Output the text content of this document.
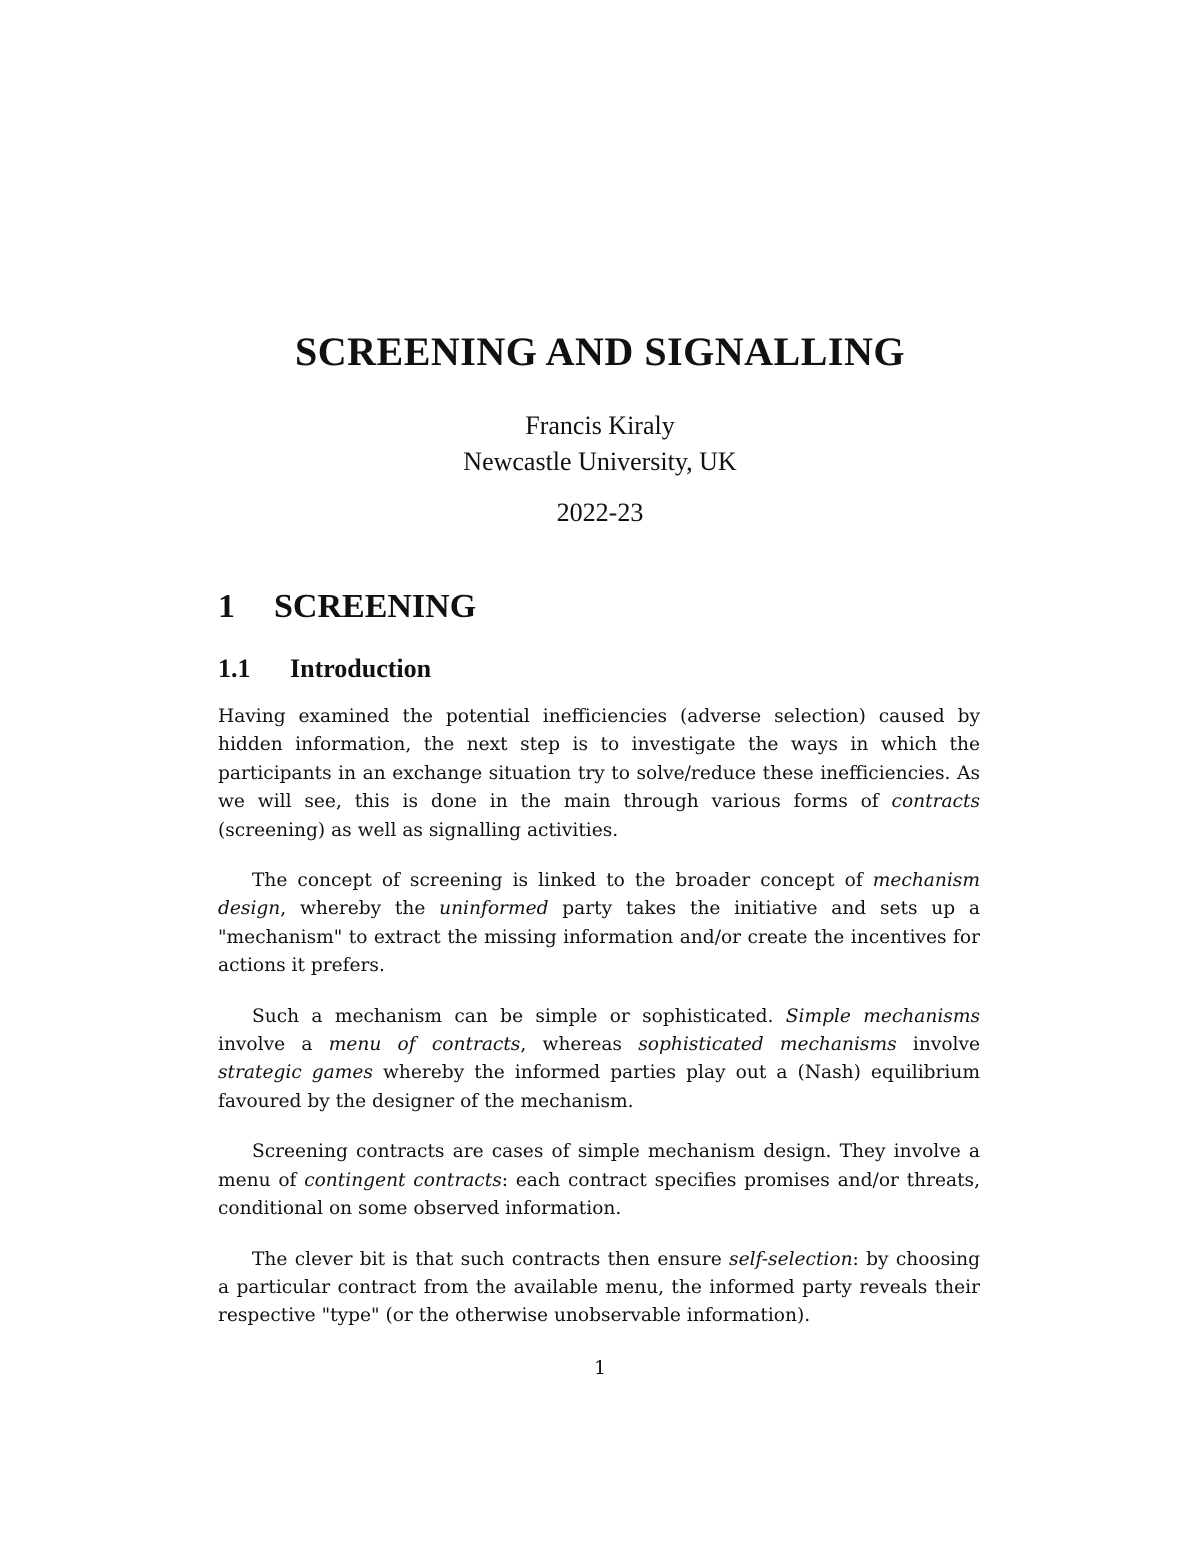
SCREENING AND SIGNALLING
Francis Kiraly
Newcastle University, UK
2022-23
1 SCREENING
1.1 Introduction

Having examined the potential inefficiencies (adverse selection) caused by hidden information, the next step is to investigate the ways in which the participants in an exchange situation try to solve/reduce these inefficiencies. As we will see, this is done in the main through various forms of contracts (screening) as well as signalling activities.

The concept of screening is linked to the broader concept of mechanism design, whereby the uninformed party takes the initiative and sets up a "mechanism" to extract the missing information and/or create the incentives for actions it prefers.

Such a mechanism can be simple or sophisticated. Simple mechanisms involve a menu of contracts, whereas sophisticated mechanisms involve strategic games whereby the informed parties play out a (Nash) equilibrium favoured by the designer of the mechanism.

Screening contracts are cases of simple mechanism design. They involve a menu of contingent contracts: each contract specifies promises and/or threats, conditional on some observed information.

The clever bit is that such contracts then ensure self-selection: by choosing a particular contract from the available menu, the informed party reveals their respective "type" (or the otherwise unobservable information).

1
